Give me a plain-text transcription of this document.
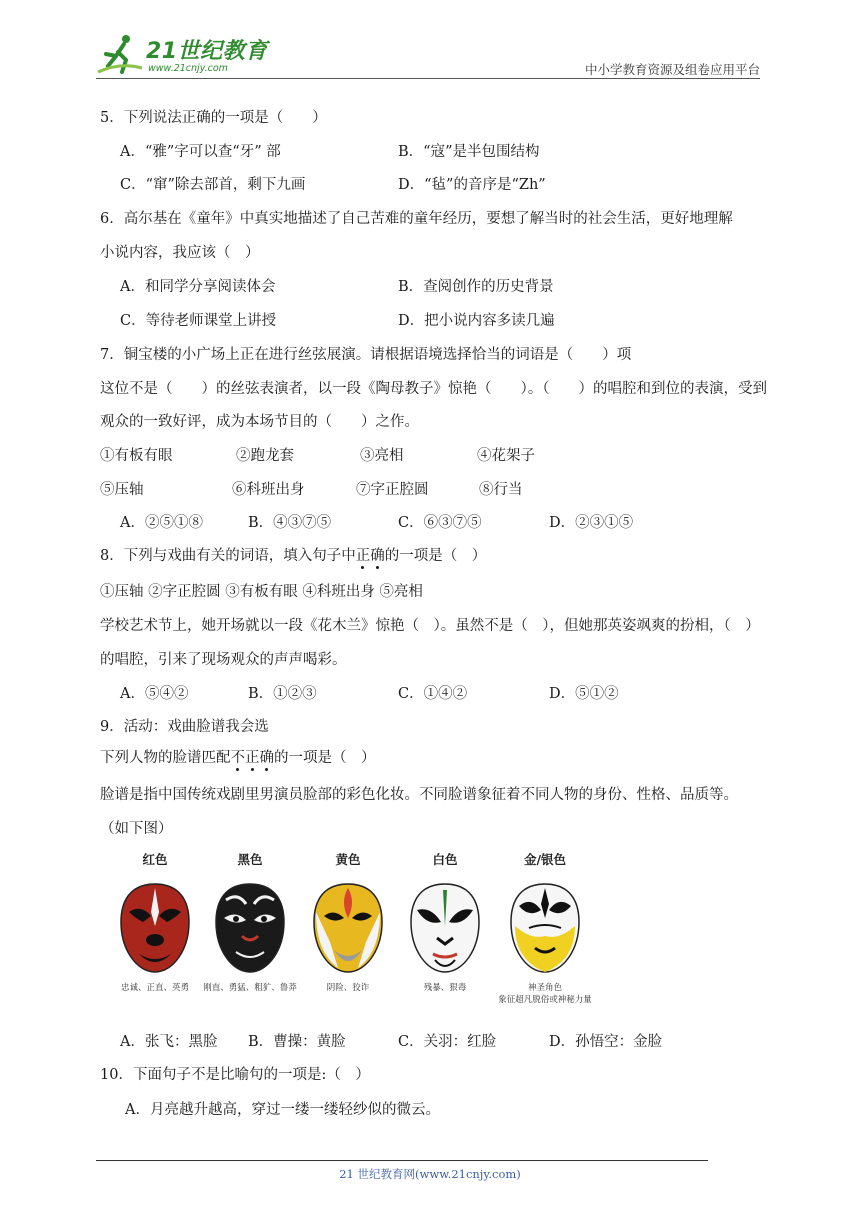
21世纪教育
www.21cnjy.com	中小学教育资源及组卷应用平台
5．下列说法正确的一项是（　　）
A．“雅”字可以查“牙” 部	B．“寇”是半包围结构
C．“窜”除去部首，剩下九画	D．“毡”的音序是“Zh”
6．高尔基在《童年》中真实地描述了自己苦难的童年经历，要想了解当时的社会生活，更好地理解
小说内容，我应该（　）
A．和同学分享阅读体会	B．查阅创作的历史背景
C．等待老师课堂上讲授	D．把小说内容多读几遍
7．铜宝楼的小广场上正在进行丝弦展演。请根据语境选择恰当的词语是（　　）项
这位不是（　　）的丝弦表演者，以一段《陶母教子》惊艳（　　）。（　　）的唱腔和到位的表演，受到
观众的一致好评，成为本场节目的（　　）之作。
①有板有眼	②跑龙套	③亮相	④花架子
⑤压轴	⑥科班出身	⑦字正腔圆	⑧行当
A．②⑤①⑧	B．④③⑦⑤	C．⑥③⑦⑤	D．②③①⑤
8．下列与戏曲有关的词语，填入句子中正确的一项是（　）
①压轴 ②字正腔圆 ③有板有眼 ④科班出身 ⑤亮相
学校艺术节上，她开场就以一段《花木兰》惊艳（　）。虽然不是（　），但她那英姿飒爽的扮相，（　）
的唱腔，引来了现场观众的声声喝彩。
A．⑤④②	B．①②③	C．①④②	D．⑤①②
9．活动：戏曲脸谱我会选
下列人物的脸谱匹配不正确的一项是（　）
脸谱是指中国传统戏剧里男演员脸部的彩色化妆。不同脸谱象征着不同人物的身份、性格、品质等。
（如下图）
红色
忠诚、正直、英勇
黑色
刚直、勇猛、粗犷、鲁莽
黄色
阴险、狡诈
白色
残暴、狠毒
金/银色
神圣角色
象征超凡脱俗或神秘力量
A．张飞：黑脸 B．曹操：黄脸	C．关羽：红脸	D．孙悟空：金脸
10．下面句子不是比喻句的一项是:（　）
A．月亮越升越高，穿过一缕一缕轻纱似的微云。
21 世纪教育网(www.21cnjy.com)
